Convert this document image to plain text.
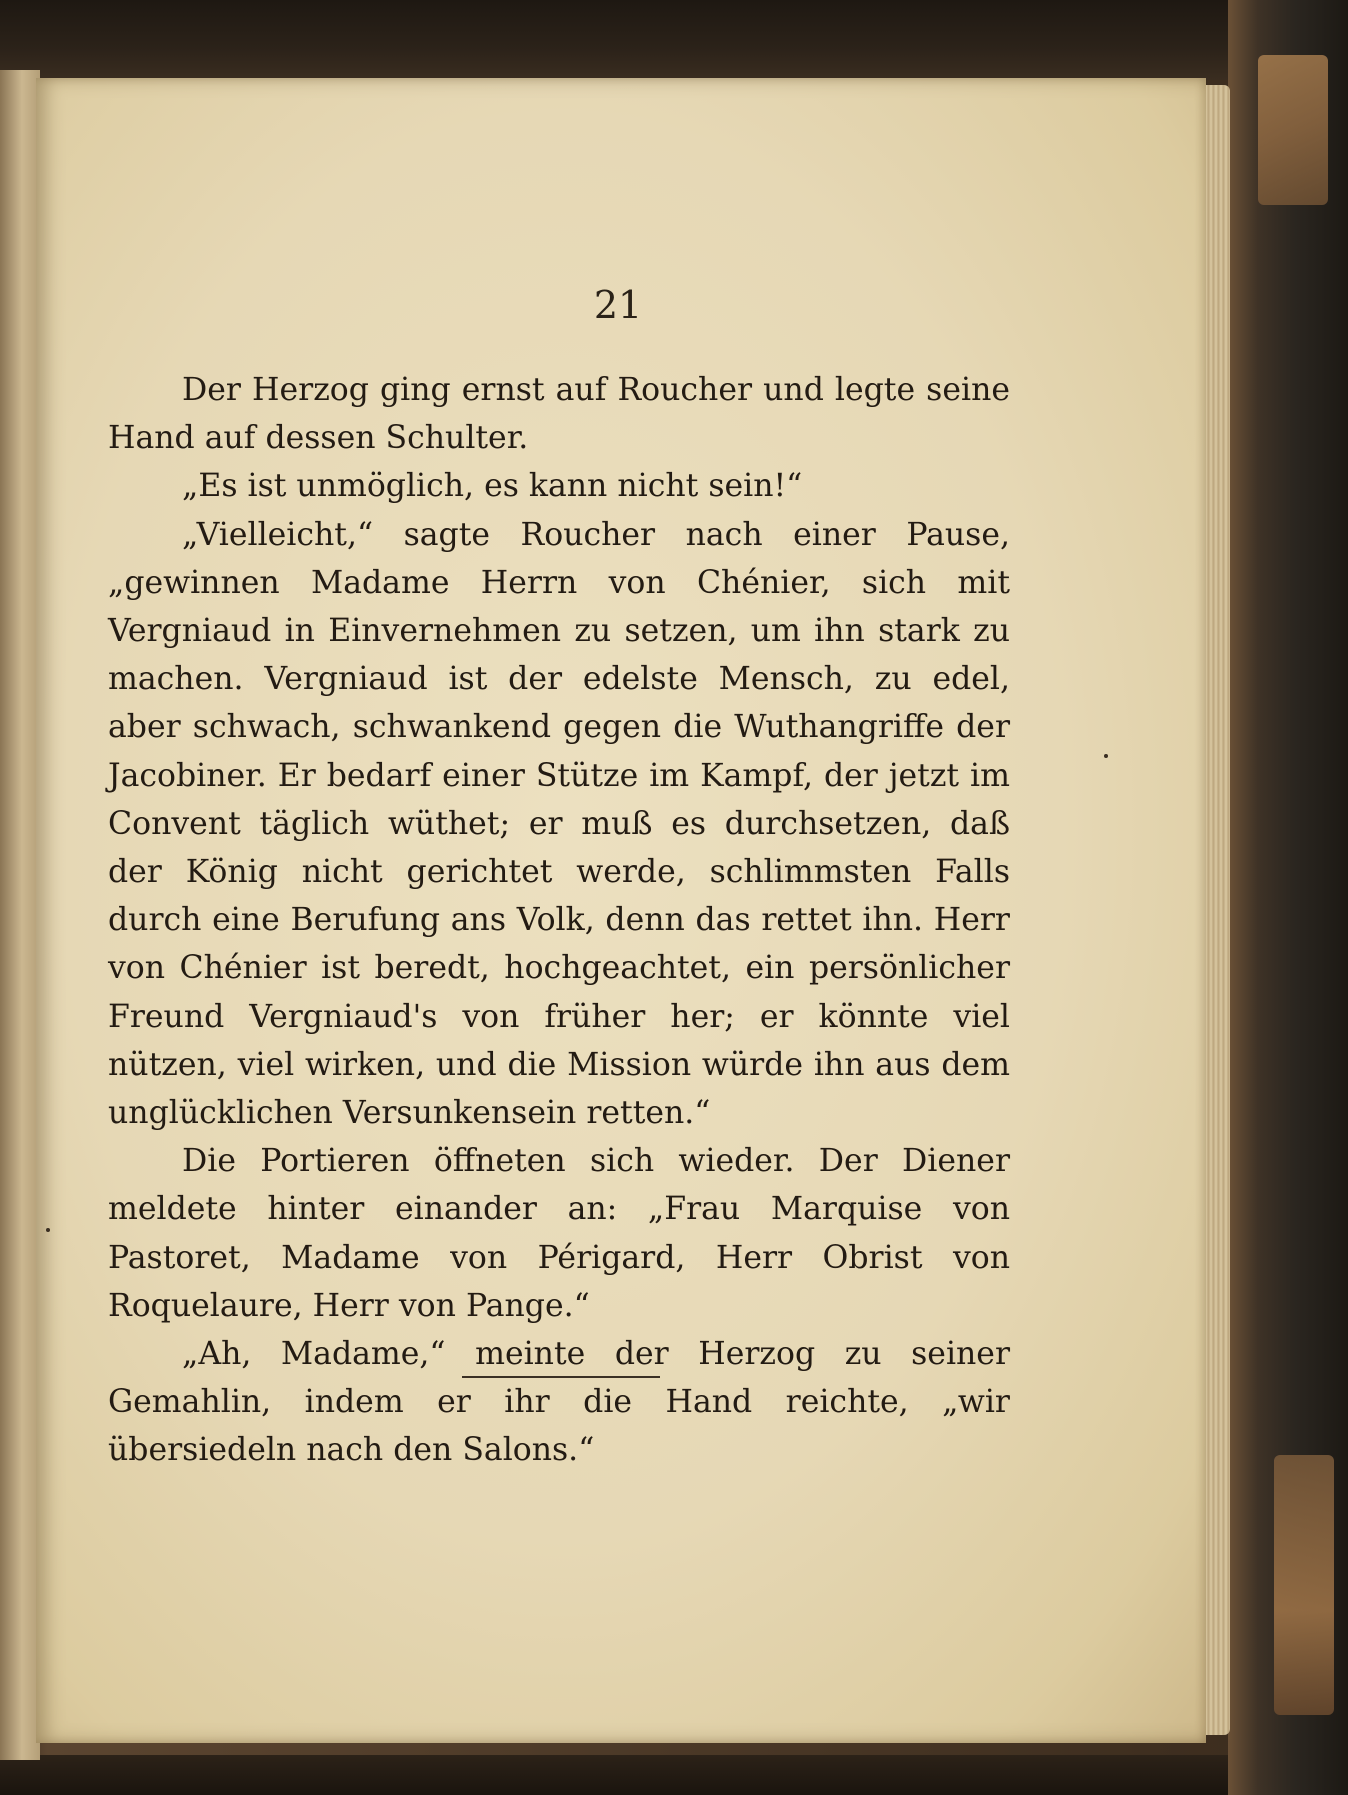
21

Der Herzog ging ernst auf Roucher und legte seine Hand auf dessen Schulter.

„Es ist unmöglich, es kann nicht sein!“

„Vielleicht,“ sagte Roucher nach einer Pause, „gewinnen Madame Herrn von Chénier, sich mit Vergniaud in Einvernehmen zu setzen, um ihn stark zu machen. Vergniaud ist der edelste Mensch, zu edel, aber schwach, schwankend gegen die Wuthangriffe der Jacobiner. Er bedarf einer Stütze im Kampf, der jetzt im Convent täglich wüthet; er muß es durchsetzen, daß der König nicht gerichtet werde, schlimmsten Falls durch eine Berufung ans Volk, denn das rettet ihn. Herr von Chénier ist beredt, hochgeachtet, ein persönlicher Freund Vergniaud's von früher her; er könnte viel nützen, viel wirken, und die Mission würde ihn aus dem unglücklichen Versunkensein retten.“

Die Portieren öffneten sich wieder. Der Diener meldete hinter einander an: „Frau Marquise von Pastoret, Madame von Périgard, Herr Obrist von Roquelaure, Herr von Pange.“

„Ah, Madame,“ meinte der Herzog zu seiner Gemahlin, indem er ihr die Hand reichte, „wir übersiedeln nach den Salons.“
